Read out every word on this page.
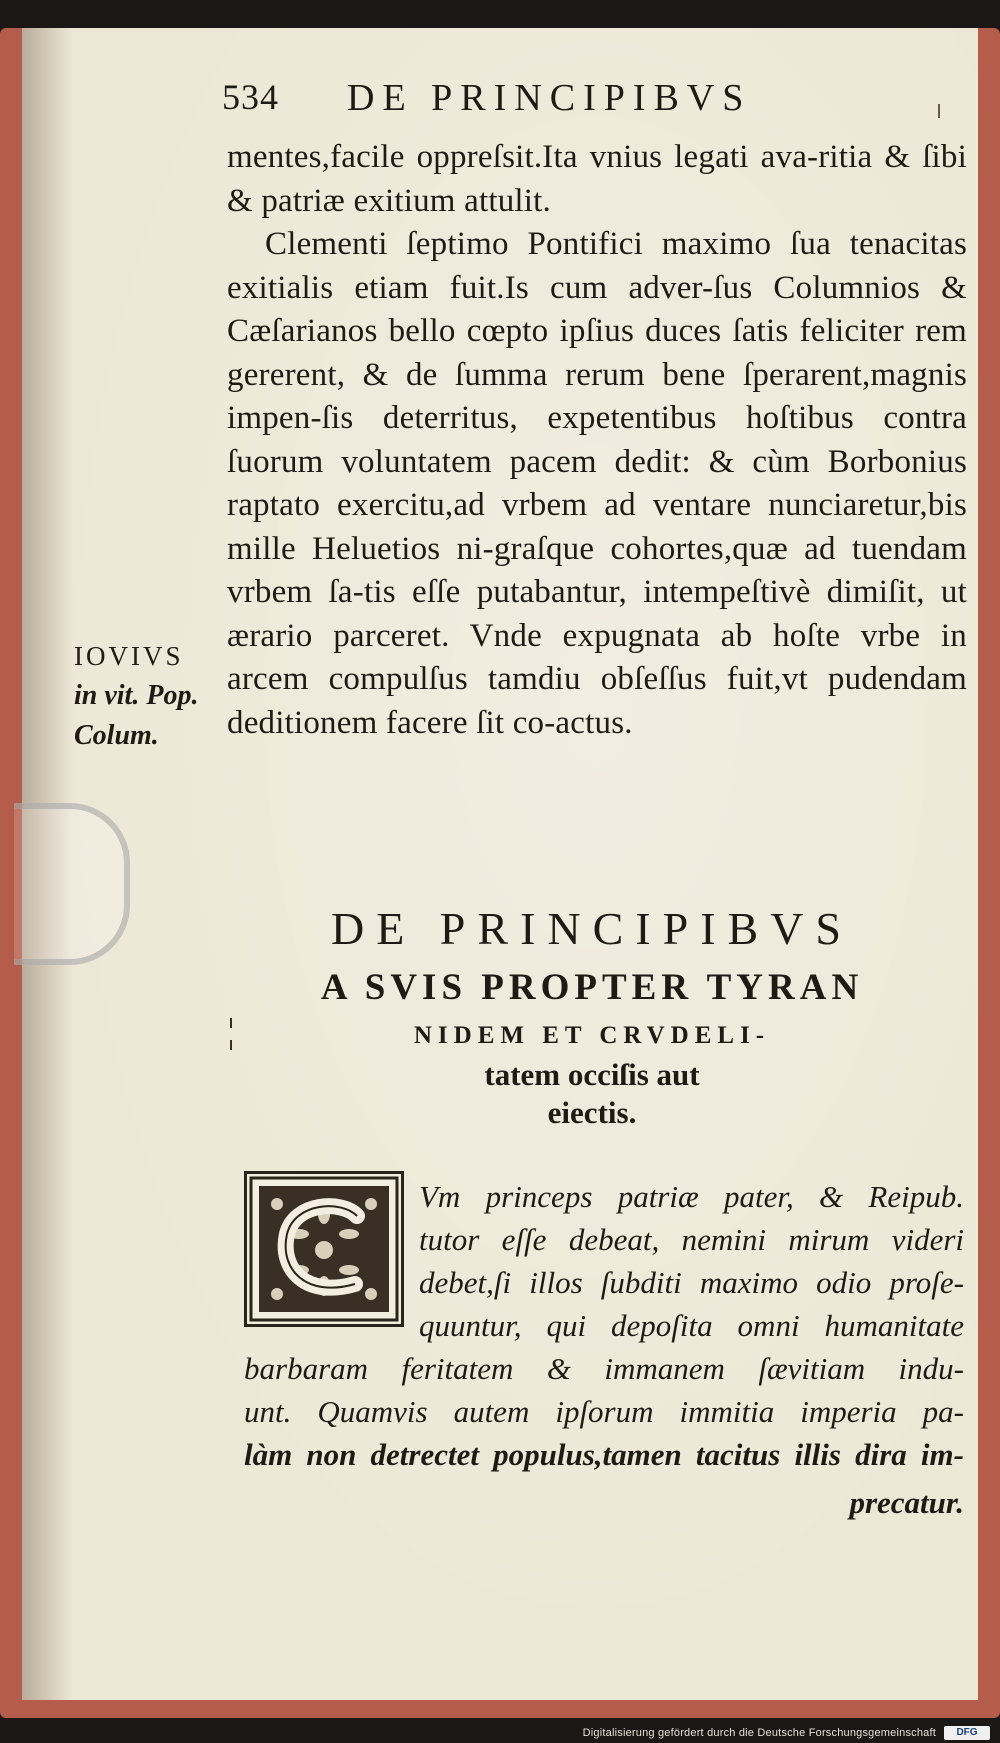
534 DE PRINCIPIBVS

mentes,facile oppreſsit.Ita vnius legati ava-ritia & ſibi & patriæ exitium attulit.
Clementi ſeptimo Pontifici maximo ſua tenacitas exitialis etiam fuit.Is cum adver-ſus Columnios & Cæſarianos bello cœpto ipſius duces ſatis feliciter rem gererent, & de ſumma rerum bene ſperarent,magnis impen-ſis deterritus, expetentibus hoſtibus contra ſuorum voluntatem pacem dedit: & cùm Borbonius raptato exercitu,ad vrbem ad ventare nunciaretur,bis mille Heluetios ni-graſque cohortes,quæ ad tuendam vrbem ſa-tis eſſe putabantur, intempeſtivè dimiſit, ut ærario parceret. Vnde expugnata ab hoſte vrbe in arcem compulſus tamdiu obſeſſus fuit,vt pudendam deditionem facere ſit co-actus.

IOVIVS
in vit. Pop.
Colum.
DE PRINCIPIBVS
A SVIS PROPTER TYRAN
NIDEM ET CRVDELI-
tatem occiſis aut
eiectis.
Vm princeps patriæ pater, & Reipub.
tutor eſſe debeat, nemini mirum videri
debet,ſi illos ſubditi maximo odio proſe-
quuntur, qui depoſita omni humanitate
barbaram feritatem & immanem ſævitiam indu-
unt. Quamvis autem ipſorum immitia imperia pa-
làm non detrectet populus,tamen tacitus illis dira im-
precatur.
Digitalisierung gefördert durch die Deutsche Forschungsgemeinschaft	DFG
